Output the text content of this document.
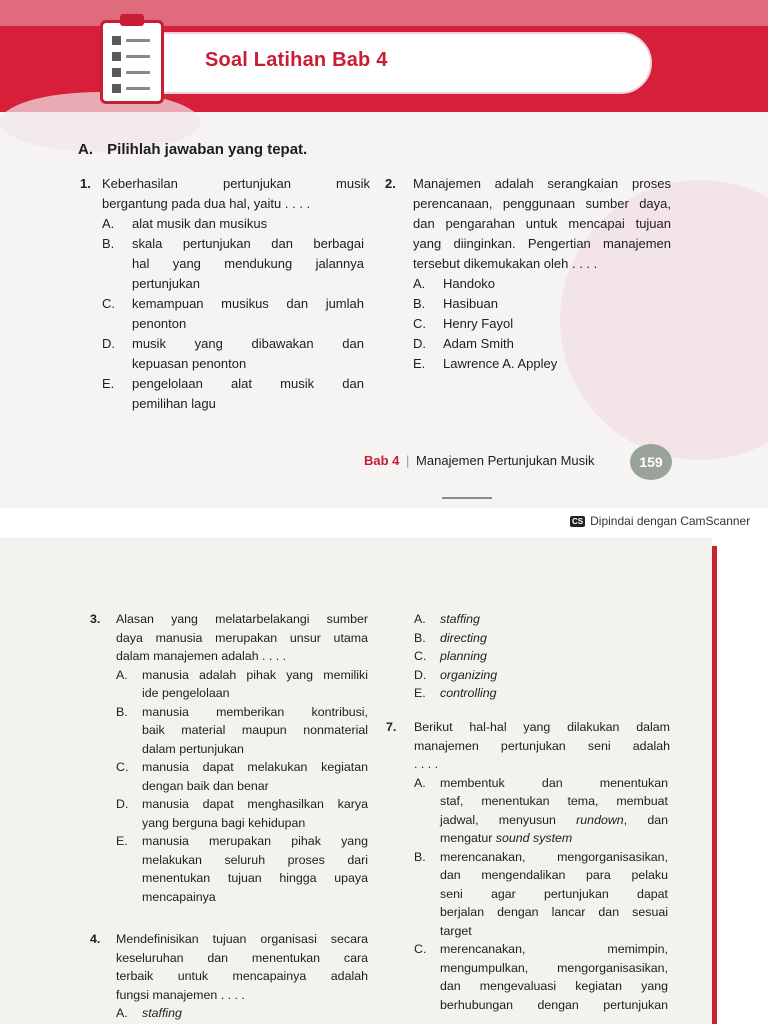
Soal Latihan Bab 4
A. Pilihlah jawaban yang tepat.
1. Keberhasilan pertunjukan musik
bergantung pada dua hal, yaitu . . . .
A. alat musik dan musikus
B. skala pertunjukan dan berbagai
hal yang mendukung jalannya
pertunjukan
C. kemampuan musikus dan jumlah
penonton
D. musik yang dibawakan dan
kepuasan penonton
E. pengelolaan alat musik dan
pemilihan lagu
2. Manajemen adalah serangkaian proses
perencanaan, penggunaan sumber daya,
dan pengarahan untuk mencapai tujuan
yang diinginkan. Pengertian manajemen
tersebut dikemukakan oleh . . . .
A. Handoko
B. Hasibuan
C. Henry Fayol
D. Adam Smith
E. Lawrence A. Appley
Bab 4 | Manajemen Pertunjukan Musik	159
CS Dipindai dengan CamScanner
3. Alasan yang melatarbelakangi sumber
daya manusia merupakan unsur utama
dalam manajemen adalah . . . .
A. manusia adalah pihak yang memiliki
ide pengelolaan
B. manusia memberikan kontribusi,
baik material maupun nonmaterial
dalam pertunjukan
C. manusia dapat melakukan kegiatan
dengan baik dan benar
D. manusia dapat menghasilkan karya
yang berguna bagi kehidupan
E. manusia merupakan pihak yang
melakukan seluruh proses dari
menentukan tujuan hingga upaya
mencapainya
4. Mendefinisikan tujuan organisasi secara
keseluruhan dan menentukan cara
terbaik untuk mencapainya adalah
fungsi manajemen . . . .
A. staffing
A. staffing
B. directing
C. planning
D. organizing
E. controlling
7. Berikut hal-hal yang dilakukan dalam
manajemen pertunjukan seni adalah
. . . .
A. membentuk dan menentukan
staf, menentukan tema, membuat
jadwal, menyusun rundown, dan
mengatur sound system
B. merencanakan, mengorganisasikan,
dan mengendalikan para pelaku
seni agar pertunjukan dapat
berjalan dengan lancar dan sesuai
target
C. merencanakan, memimpin,
mengumpulkan, mengorganisasikan,
dan mengevaluasi kegiatan yang
berhubungan dengan pertunjukan
